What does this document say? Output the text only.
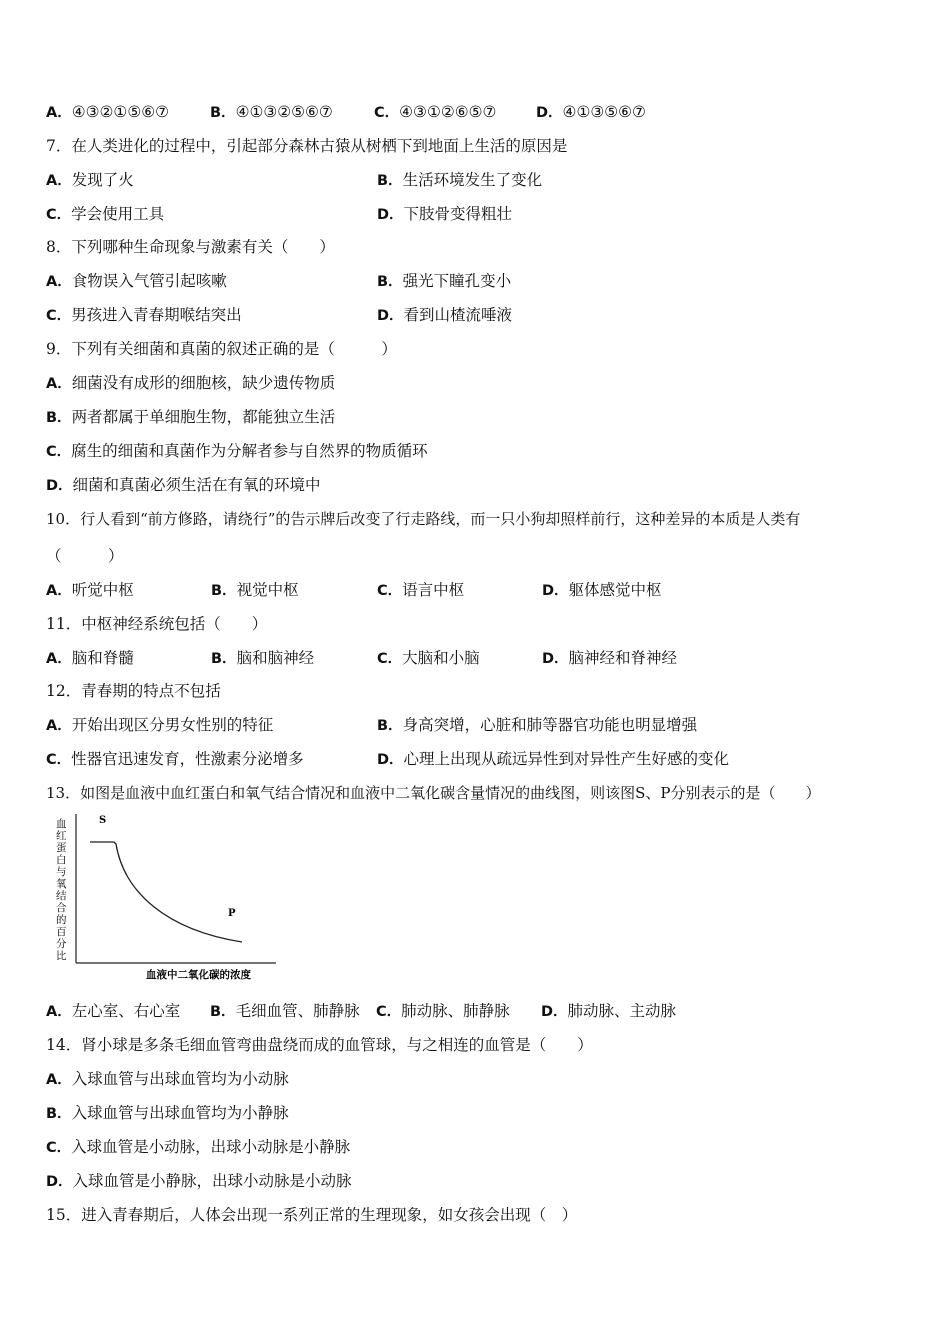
A．④③②①⑤⑥⑦	B．④①③②⑤⑥⑦	C．④③①②⑥⑤⑦	D．④①③⑤⑥⑦
7．在人类进化的过程中，引起部分森林古猿从树栖下到地面上生活的原因是
A．发现了火	B．生活环境发生了变化
C．学会使用工具	D．下肢骨变得粗壮
8．下列哪种生命现象与激素有关（　　）
A．食物误入气管引起咳嗽	B．强光下瞳孔变小
C．男孩进入青春期喉结突出	D．看到山楂流唾液
9．下列有关细菌和真菌的叙述正确的是（　　　）
A．细菌没有成形的细胞核，缺少遗传物质
B．两者都属于单细胞生物，都能独立生活
C．腐生的细菌和真菌作为分解者参与自然界的物质循环
D．细菌和真菌必须生活在有氧的环境中
10．行人看到“前方修路，请绕行”的告示牌后改变了行走路线，而一只小狗却照样前行，这种差异的本质是人类有
（　　　）
A．听觉中枢	B．视觉中枢	C．语言中枢	D．躯体感觉中枢
11．中枢神经系统包括（　　）
A．脑和脊髓	B．脑和脑神经	C．大脑和小脑	D．脑神经和脊神经
12．青春期的特点不包括
A．开始出现区分男女性别的特征	B．身高突增，心脏和肺等器官功能也明显增强
C．性器官迅速发育，性激素分泌增多	D．心理上出现从疏远异性到对异性产生好感的变化
13．如图是血液中血红蛋白和氧气结合情况和血液中二氧化碳含量情况的曲线图，则该图S、P分别表示的是（　　）
血
红
蛋
白
与
氧
结
合
的
百
分
比
S
P
血液中二氧化碳的浓度
A．左心室、右心室 B．毛细血管、肺静脉 C．肺动脉、肺静脉 D．肺动脉、主动脉
14．肾小球是多条毛细血管弯曲盘绕而成的血管球，与之相连的血管是（　　）
A．入球血管与出球血管均为小动脉
B．入球血管与出球血管均为小静脉
C．入球血管是小动脉，出球小动脉是小静脉
D．入球血管是小静脉，出球小动脉是小动脉
15．进入青春期后，人体会出现一系列正常的生理现象，如女孩会出现（　）
